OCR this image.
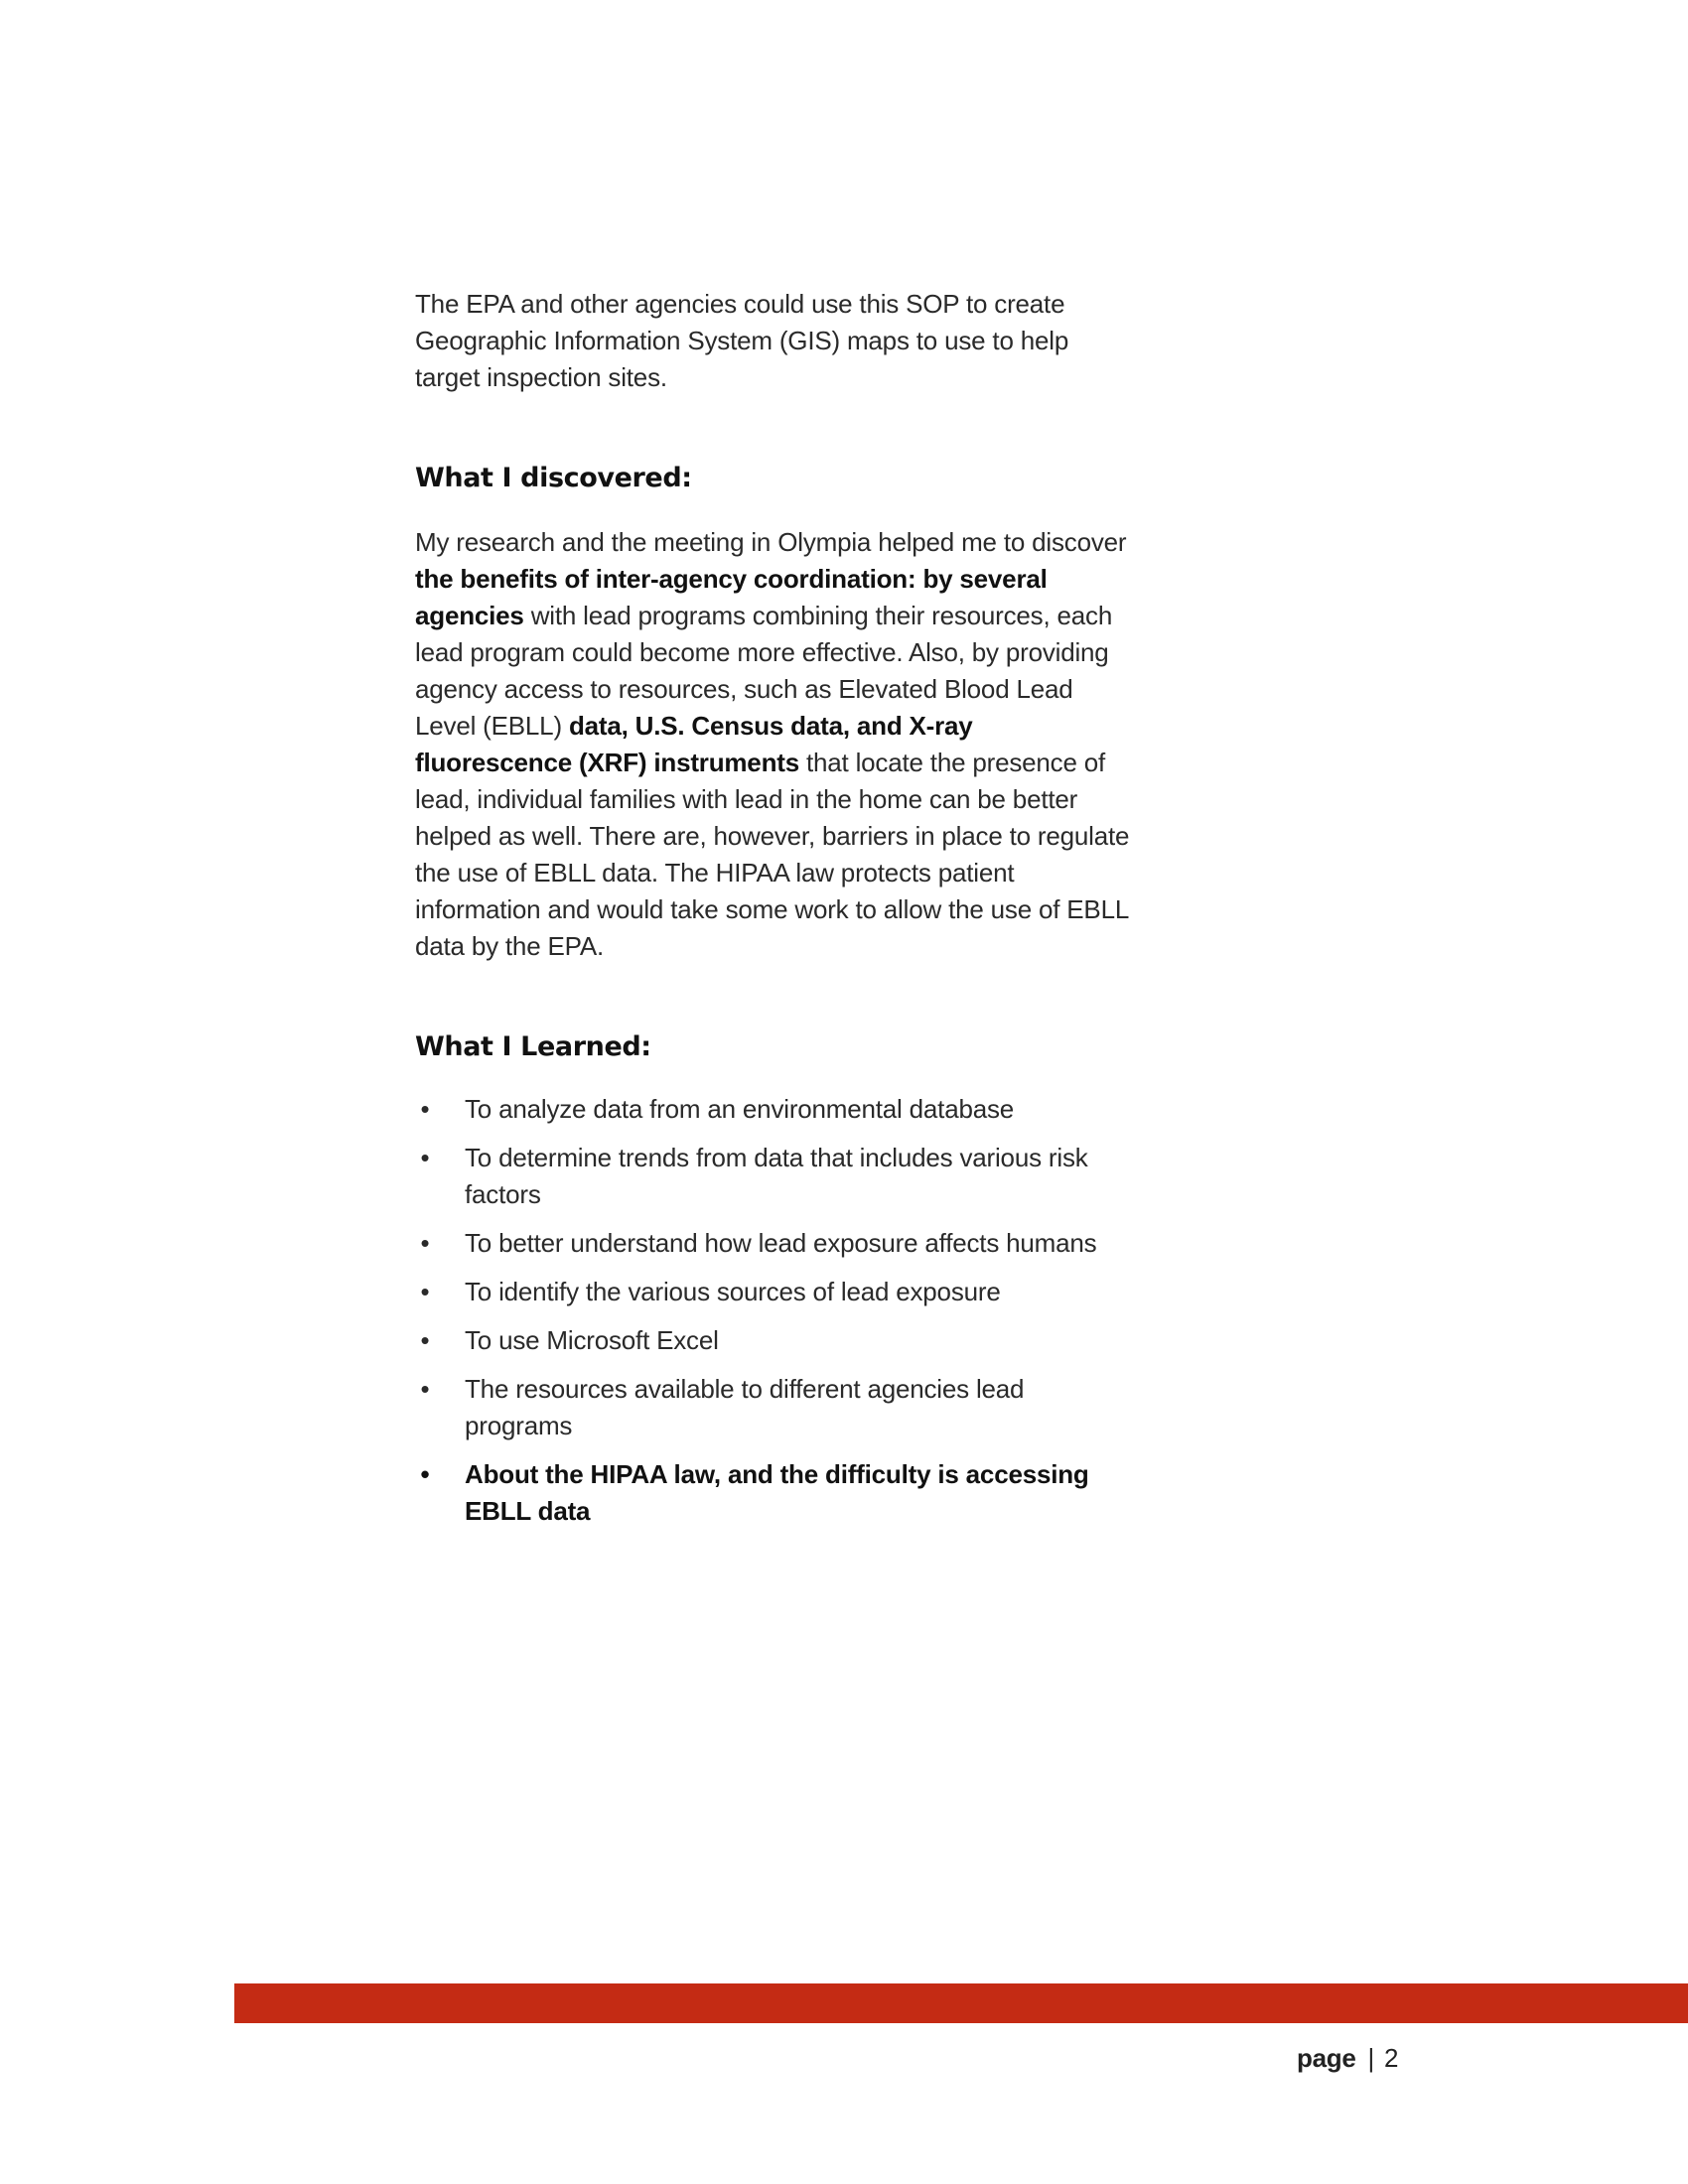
The EPA and other agencies could use this SOP to create Geographic Information System (GIS) maps to use to help target inspection sites.

What I discovered:

My research and the meeting in Olympia helped me to discover the benefits of inter-agency coordination: by several agencies with lead programs combining their resources, each lead program could become more effective. Also, by providing agency access to resources, such as Elevated Blood Lead Level (EBLL) data, U.S. Census data, and X-ray fluorescence (XRF) instruments that locate the presence of lead, individual families with lead in the home can be better helped as well. There are, however, barriers in place to regulate the use of EBLL data. The HIPAA law protects patient information and would take some work to allow the use of EBLL data by the EPA.

What I Learned:
• To analyze data from an environmental database
• To determine trends from data that includes various risk factors
• To better understand how lead exposure affects humans
• To identify the various sources of lead exposure
• To use Microsoft Excel
• The resources available to different agencies lead programs
• About the HIPAA law, and the difficulty is accessing EBLL data
page | 2
